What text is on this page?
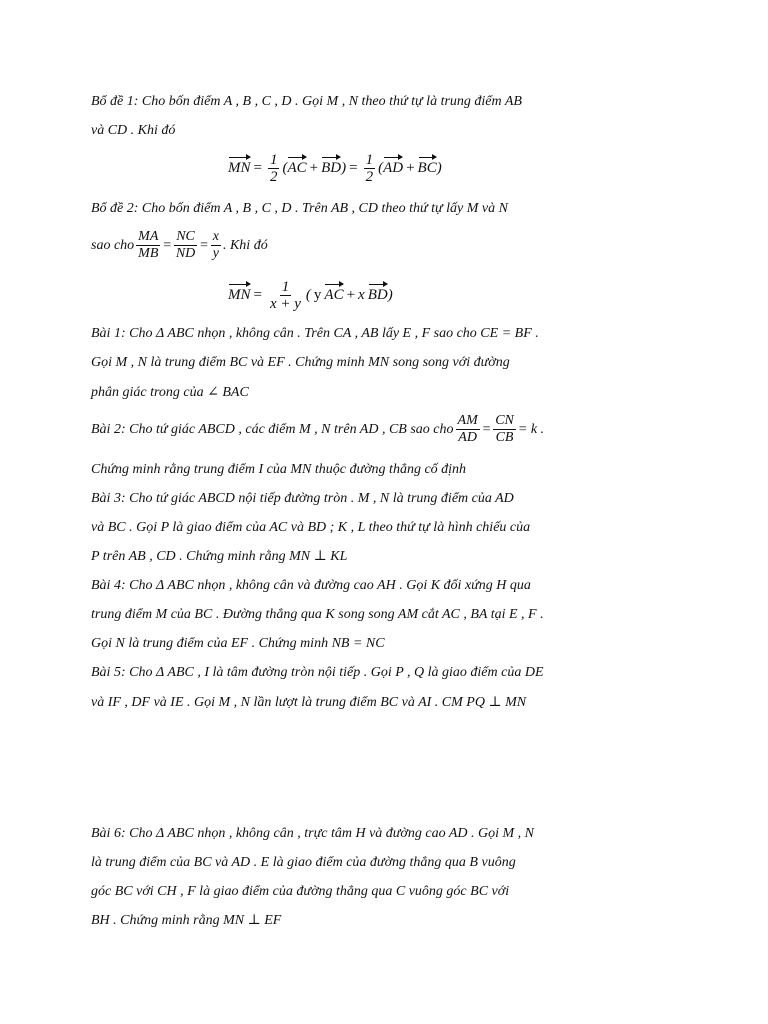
Bổ đề 1: Cho bốn điểm A , B , C , D . Gọi M , N theo thứ tự là trung điểm AB
và CD . Khi đó
MN = $\frac{1}{2}$ ( AC + BD ) = $\frac{1}{2}$ ( AD + BC )
Bổ đề 2: Cho bốn điểm A , B , C , D . Trên AB , CD theo thứ tự lấy M và N
sao cho $\frac{MA}{MB} = \frac{NC}{ND} = \frac{x}{y}$ . Khi đó
MN = $\frac{1}{x + y}$ ( y AC + x BD )
Bài 1: Cho Δ ABC nhọn , không cân . Trên CA , AB lấy E , F sao cho CE = BF .
Gọi M , N là trung điểm BC và EF . Chứng minh MN song song với đường
phân giác trong của ∠ BAC
Bài 2: Cho tứ giác ABCD , các điểm M , N trên AD , CB sao cho $\frac{AM}{AD} = \frac{CN}{CB} = k$ .
Chứng minh rằng trung điểm I của MN thuộc đường thẳng cố định
Bài 3: Cho tứ giác ABCD nội tiếp đường tròn . M , N là trung điểm của AD
và BC . Gọi P là giao điểm của AC và BD ; K , L theo thứ tự là hình chiếu của
P trên AB , CD . Chứng minh rằng MN ⊥ KL
Bài 4: Cho Δ ABC nhọn , không cân và đường cao AH . Gọi K đối xứng H qua
trung điểm M của BC . Đường thẳng qua K song song AM cắt AC , BA tại E , F .
Gọi N là trung điểm của EF . Chứng minh NB = NC
Bài 5: Cho Δ ABC , I là tâm đường tròn nội tiếp . Gọi P , Q là giao điểm của DE
và IF , DF và IE . Gọi M , N lần lượt là trung điểm BC và AI . CM PQ ⊥ MN
Bài 6: Cho Δ ABC nhọn , không cân , trực tâm H và đường cao AD . Gọi M , N
là trung điểm của BC và AD . E là giao điểm của đường thẳng qua B vuông
góc BC với CH , F là giao điểm của đường thẳng qua C vuông góc BC với
BH . Chứng minh rằng MN ⊥ EF
